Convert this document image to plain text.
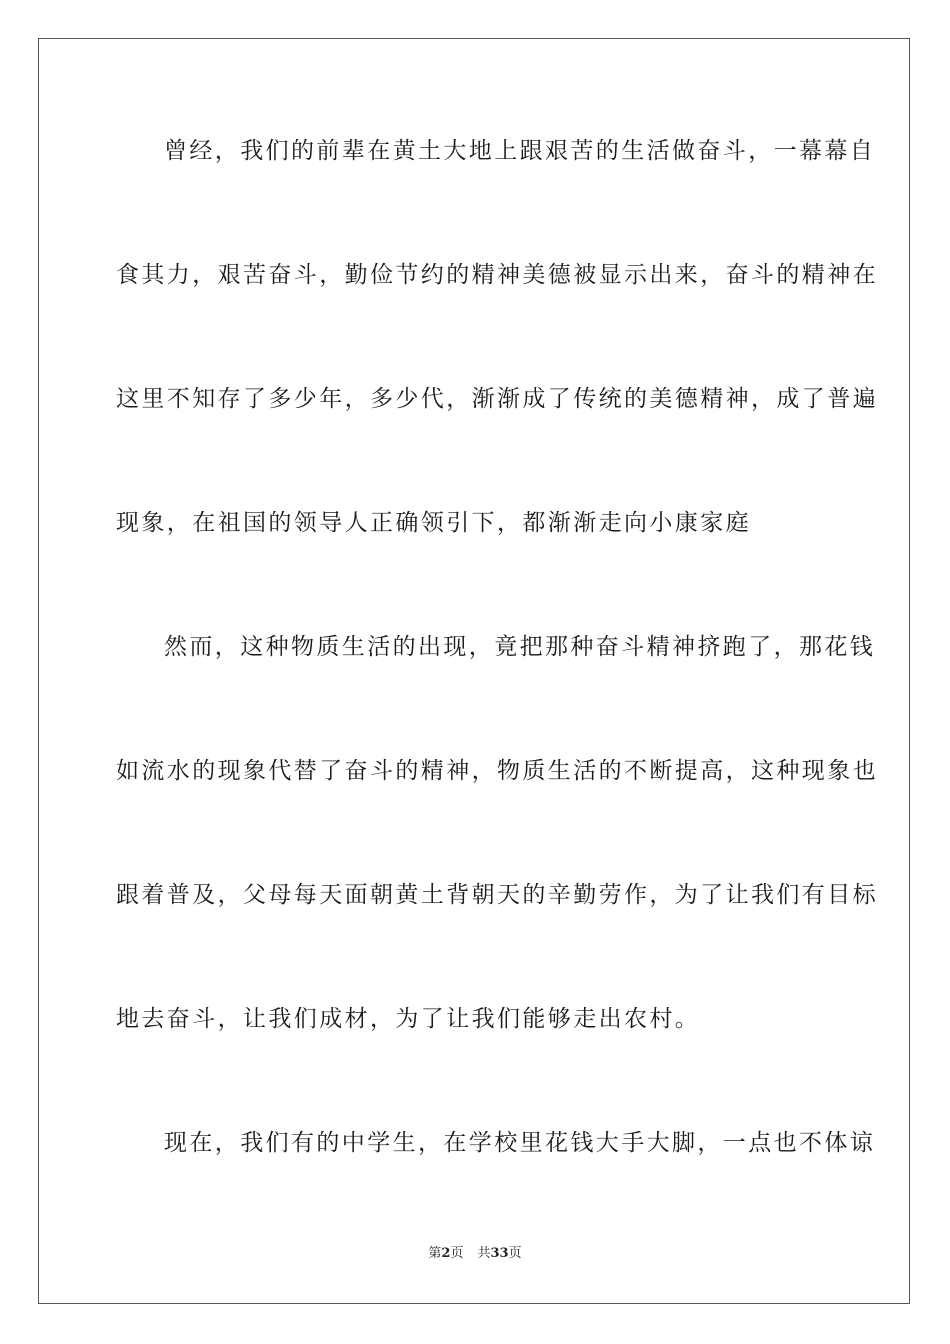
曾经，我们的前辈在黄土大地上跟艰苦的生活做奋斗，一幕幕自
食其力，艰苦奋斗，勤俭节约的精神美德被显示出来，奋斗的精神在
这里不知存了多少年，多少代，渐渐成了传统的美德精神，成了普遍
现象，在祖国的领导人正确领引下，都渐渐走向小康家庭
然而，这种物质生活的出现，竟把那种奋斗精神挤跑了，那花钱
如流水的现象代替了奋斗的精神，物质生活的不断提高，这种现象也
跟着普及，父母每天面朝黄土背朝天的辛勤劳作，为了让我们有目标
地去奋斗，让我们成材，为了让我们能够走出农村。
现在，我们有的中学生，在学校里花钱大手大脚，一点也不体谅
第2页 共33页
